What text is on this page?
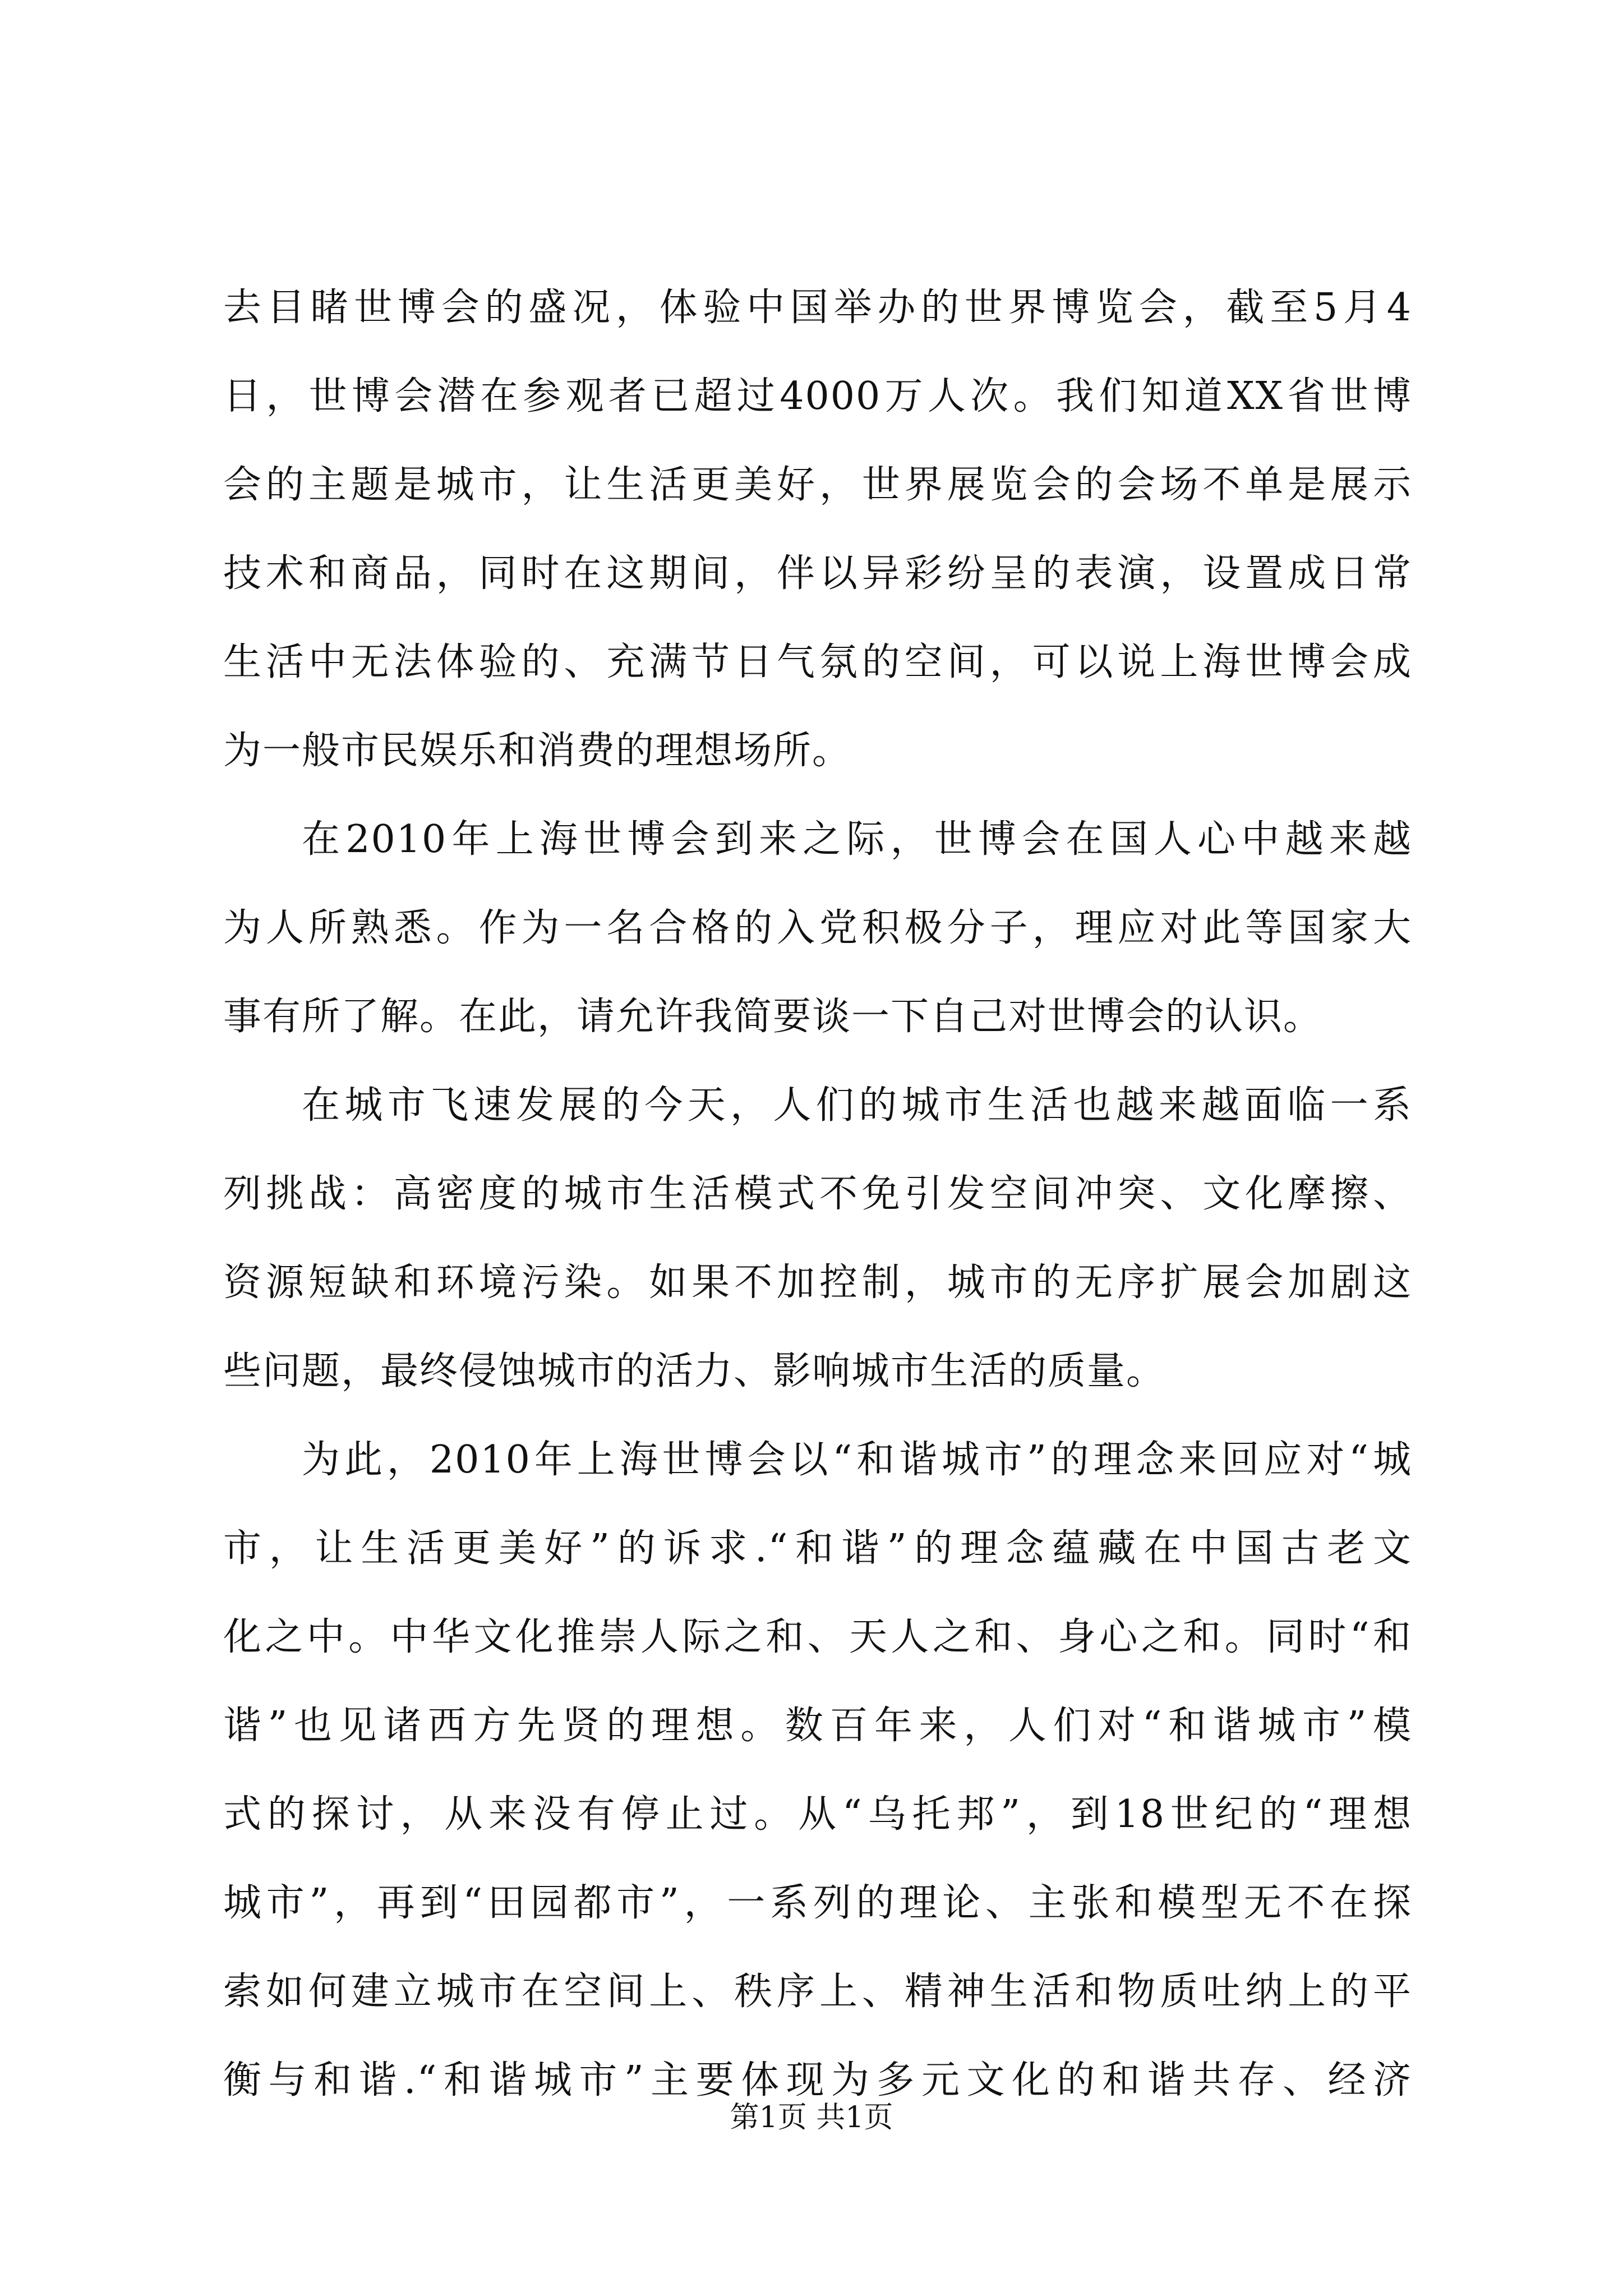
去目睹世博会的盛况，体验中国举办的世界博览会，截至5月4
日，世博会潜在参观者已超过4000万人次。我们知道XX省世博
会的主题是城市，让生活更美好，世界展览会的会场不单是展示
技术和商品，同时在这期间，伴以异彩纷呈的表演，设置成日常
生活中无法体验的、充满节日气氛的空间，可以说上海世博会成
为一般市民娱乐和消费的理想场所。
在2010年上海世博会到来之际，世博会在国人心中越来越
为人所熟悉。作为一名合格的入党积极分子，理应对此等国家大
事有所了解。在此，请允许我简要谈一下自己对世博会的认识。
在城市飞速发展的今天，人们的城市生活也越来越面临一系
列挑战：高密度的城市生活模式不免引发空间冲突、文化摩擦、
资源短缺和环境污染。如果不加控制，城市的无序扩展会加剧这
些问题，最终侵蚀城市的活力、影响城市生活的质量。
为此，2010年上海世博会以“和谐城市”的理念来回应对“城
市，让生活更美好”的诉求.“和谐”的理念蕴藏在中国古老文
化之中。中华文化推崇人际之和、天人之和、身心之和。同时“和
谐”也见诸西方先贤的理想。数百年来，人们对“和谐城市”模
式的探讨，从来没有停止过。从“乌托邦”，到18世纪的“理想
城市”，再到“田园都市”，一系列的理论、主张和模型无不在探
索如何建立城市在空间上、秩序上、精神生活和物质吐纳上的平
衡与和谐.“和谐城市”主要体现为多元文化的和谐共存、经济
第1页 共1页
